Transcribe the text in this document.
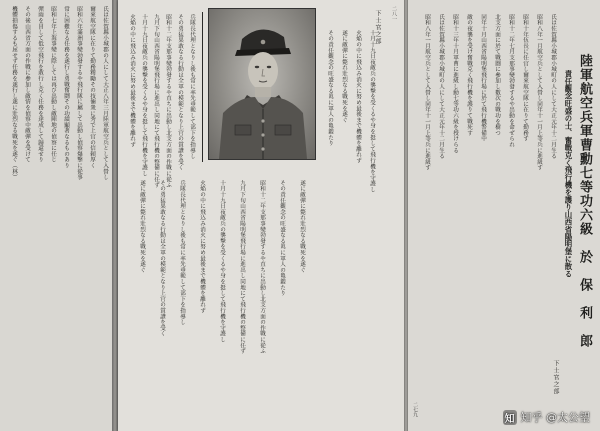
氏は佐賀縣小城郡の人にして大正八年三月陸軍航空兵として入營し
爾來航空隊に在りて勤務精勵その技倆衆に秀で上官の信頼厚く
昭和六年滿洲事變勃發するや飛行隊に屬して出動し偵察爆撃に從事
常に困難なる任務を遂行し勇戰奮鬪その功績顯著なるものあり
昭和七年上海事變に際しては再び出動し敵陣地の偵察に任じ
彈雨を冒して低空飛行を敢行し克く任務を達成して歸還せり
その後山西省方面の作戰に參加し敵情を偵察中敵彈を受けて
機體損傷するも屈せず任務を遂行し遂に壯烈なる戰死を遂ぐ（林）	二八一
下士官之部
兵隊長代理となりし後も常に率先垂範して部下を指導し
その勇猛果敢なる行動は全軍の模範となり上官の賞讚を受く
昭和十二年支那事變勃發するや直ちに出動し北支方面の作戰に從ふ
九月下旬山西省陽明堡飛行場に進出し同地にて飛行機の整備に任ず
十月十九日夜敵兵の襲撃を受くるや身を挺して飛行機を守護し
火焔の中に飛込み消火に努め最後まで機體を離れず
遂に敵彈に斃れ壯烈なる戰死を遂ぐ
その責任觀念の旺盛なる眞に軍人の亀鑑たり
昭和十二年支那事變勃發するや直ちに出動し北支方面の作戰に從ふ
九月下旬山西省陽明堡飛行場に進出し同地にて飛行機の整備に任ず
十月十九日夜敵兵の襲撃を受くるや身を挺して飛行機を守護し
火焔の中に飛込み消火に努め最後まで機體を離れず
兵隊長代理となりし後も常に率先垂範して部下を指導し
その勇猛果敢なる行動は全軍の模範となり上官の賞讚を受く
遂に敵彈に斃れ壯烈なる戰死を遂ぐ
十月十九日夜敵兵の襲撃を受くるや身を挺して飛行機を守護し
火焔の中に飛込み消火に努め最後まで機體を離れず
遂に敵彈に斃れ壯烈なる戰死を遂ぐ
その責任觀念の旺盛なる眞に軍人の亀鑑たり	陸軍航空兵軍曹勳七等功六級　於　保　利　郎
責任觀念旺盛の士、奮戰克く飛行機を護り山西省陽明堡に散る
下士官之部
氏は佐賀縣小城郡小城町の人にして大正元年十二月生る
昭和八年一月航空兵として入營し同年十一月上等兵に進級す
昭和十年伍長に任官し爾來航空隊に在りて勤務す
昭和十二年七月支那事變勃發するや出動を命ぜられ
北支方面に於て戰鬪に參加し數次の戰功を樹つ
同年十月山西省陽明堡飛行場に於て飛行機警備中
敵の夜襲を受け奮戰克く飛行機を護りて戰死す
昭和十三年十月軍曹に進級し勳七等功六級を授けらる
氏は佐賀縣小城郡小城町の人にして大正元年十二月生る
昭和八年一月航空兵として入營し同年十一月上等兵に進級す
二七九
知 知乎 @太公望
